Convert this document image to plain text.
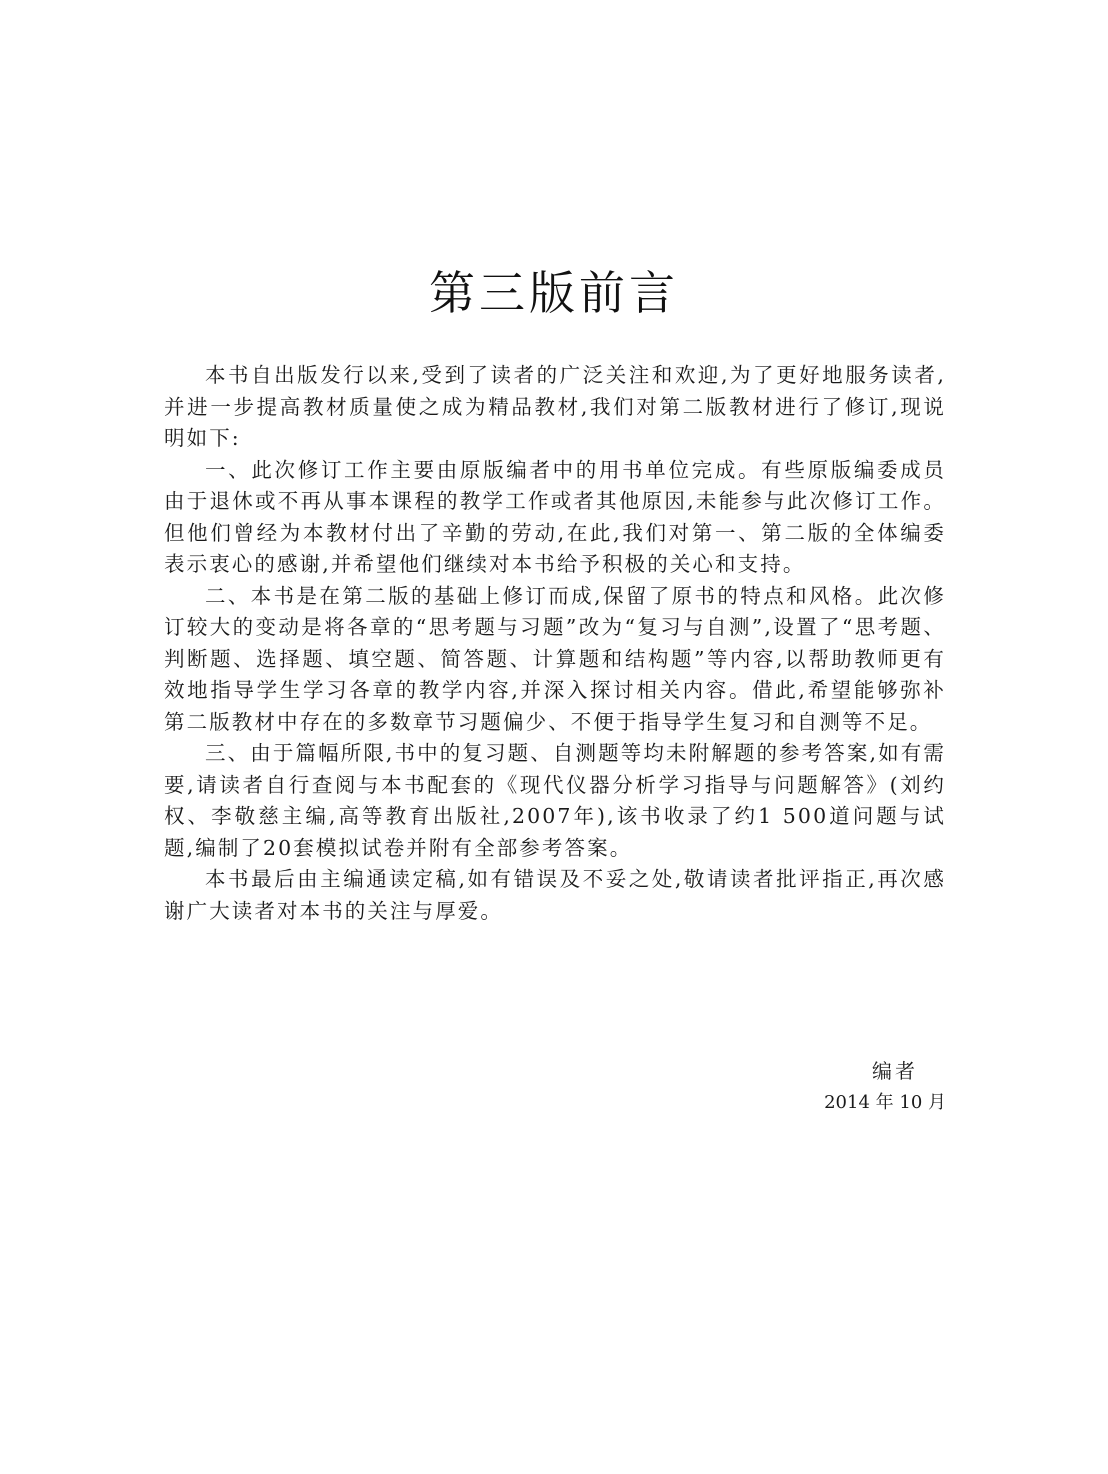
第三版前言

本书自出版发行以来,受到了读者的广泛关注和欢迎,为了更好地服务读者,并进一步提高教材质量使之成为精品教材,我们对第二版教材进行了修订,现说明如下:

一、此次修订工作主要由原版编者中的用书单位完成。有些原版编委成员由于退休或不再从事本课程的教学工作或者其他原因,未能参与此次修订工作。但他们曾经为本教材付出了辛勤的劳动,在此,我们对第一、第二版的全体编委表示衷心的感谢,并希望他们继续对本书给予积极的关心和支持。

二、本书是在第二版的基础上修订而成,保留了原书的特点和风格。此次修订较大的变动是将各章的“思考题与习题”改为“复习与自测”,设置了“思考题、判断题、选择题、填空题、简答题、计算题和结构题”等内容,以帮助教师更有效地指导学生学习各章的教学内容,并深入探讨相关内容。借此,希望能够弥补第二版教材中存在的多数章节习题偏少、不便于指导学生复习和自测等不足。

三、由于篇幅所限,书中的复习题、自测题等均未附解题的参考答案,如有需要,请读者自行查阅与本书配套的《现代仪器分析学习指导与问题解答》(刘约权、李敬慈主编,高等教育出版社,2007年),该书收录了约1 500道问题与试题,编制了20套模拟试卷并附有全部参考答案。

本书最后由主编通读定稿,如有错误及不妥之处,敬请读者批评指正,再次感谢广大读者对本书的关注与厚爱。

编者

2014 年 10 月
